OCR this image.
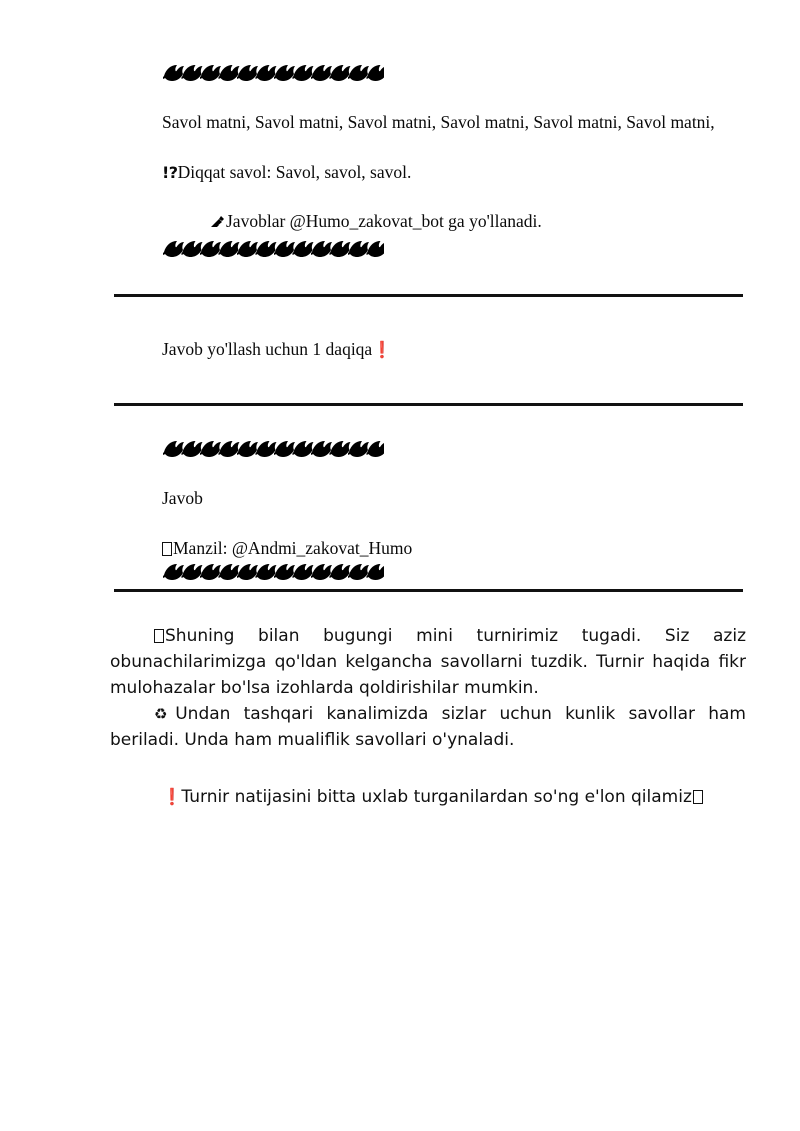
Savol matni, Savol matni, Savol matni, Savol matni, Savol matni, Savol matni,

!?Diqqat savol: Savol, savol, savol.

Javoblar @Humo_zakovat_bot ga yo'llanadi.

Javob yo'llash uchun 1 daqiqa❗

Javob

Manzil: @Andmi_zakovat_Humo

Shuning bilan bugungi mini turnirimiz tugadi. Siz aziz obunachilarimizga qo'ldan kelgancha savollarni tuzdik. Turnir haqida fikr mulohazalar bo'lsa izohlarda qoldirishilar mumkin.

♻Undan tashqari kanalimizda sizlar uchun kunlik savollar ham beriladi. Unda ham mualiflik savollari o'ynaladi.

❗Turnir natijasini bitta uxlab turganilardan so'ng e'lon qilamiz
